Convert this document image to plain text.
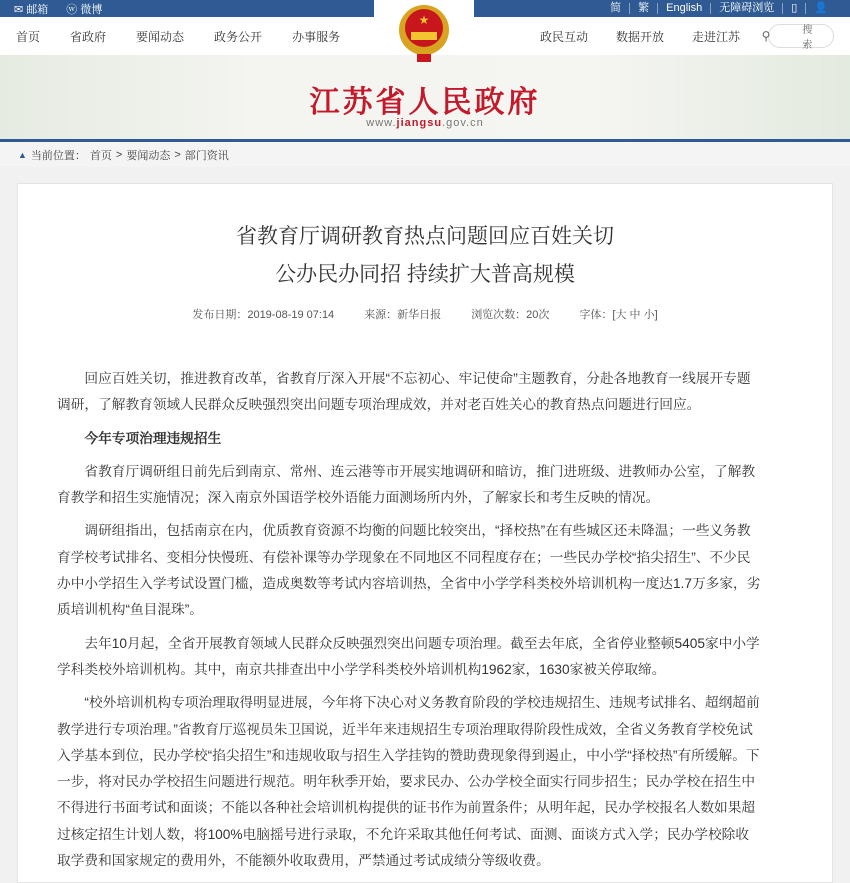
✉ 邮箱 ⓦ 微博	简	繁	English	无障碍浏览	▯	👤
★
首页	省政府	要闻动态	政务公开	办事服务	政民互动 数据开放 走进江苏 ⚲	搜索
江苏省人民政府
www.jiangsu.gov.cn
▲ 当前位置： 首页 > 要闻动态 > 部门资讯
省教育厅调研教育热点问题回应百姓关切
公办民办同招 持续扩大普高规模
发布日期：2019-08-19 07:14	来源：新华日报	浏览次数：20次	字体：[大 中 小]

回应百姓关切，推进教育改革，省教育厅深入开展“不忘初心、牢记使命”主题教育，分赴各地教育一线展开专题调研，了解教育领域人民群众反映强烈突出问题专项治理成效，并对老百姓关心的教育热点问题进行回应。

今年专项治理违规招生

省教育厅调研组日前先后到南京、常州、连云港等市开展实地调研和暗访，推门进班级、进教师办公室，了解教育教学和招生实施情况；深入南京外国语学校外语能力面测场所内外，了解家长和考生反映的情况。

调研组指出，包括南京在内，优质教育资源不均衡的问题比较突出，“择校热”在有些城区还未降温；一些义务教育学校考试排名、变相分快慢班、有偿补课等办学现象在不同地区不同程度存在；一些民办学校“掐尖招生”、不少民办中小学招生入学考试设置门槛，造成奥数等考试内容培训热，全省中小学学科类校外培训机构一度达1.7万多家，劣质培训机构“鱼目混珠”。

去年10月起，全省开展教育领域人民群众反映强烈突出问题专项治理。截至去年底，全省停业整顿5405家中小学学科类校外培训机构。其中，南京共排查出中小学学科类校外培训机构1962家，1630家被关停取缔。

“校外培训机构专项治理取得明显进展，今年将下决心对义务教育阶段的学校违规招生、违规考试排名、超纲超前教学进行专项治理。”省教育厅巡视员朱卫国说，近半年来违规招生专项治理取得阶段性成效，全省义务教育学校免试入学基本到位，民办学校“掐尖招生”和违规收取与招生入学挂钩的赞助费现象得到遏止，中小学“择校热”有所缓解。下一步，将对民办学校招生问题进行规范。明年秋季开始，要求民办、公办学校全面实行同步招生；民办学校在招生中不得进行书面考试和面谈；不能以各种社会培训机构提供的证书作为前置条件；从明年起，民办学校报名人数如果超过核定招生计划人数，将100%电脑摇号进行录取，不允许采取其他任何考试、面测、面谈方式入学；民办学校除收取学费和国家规定的费用外，不能额外收取费用，严禁通过考试成绩分等级收费。
